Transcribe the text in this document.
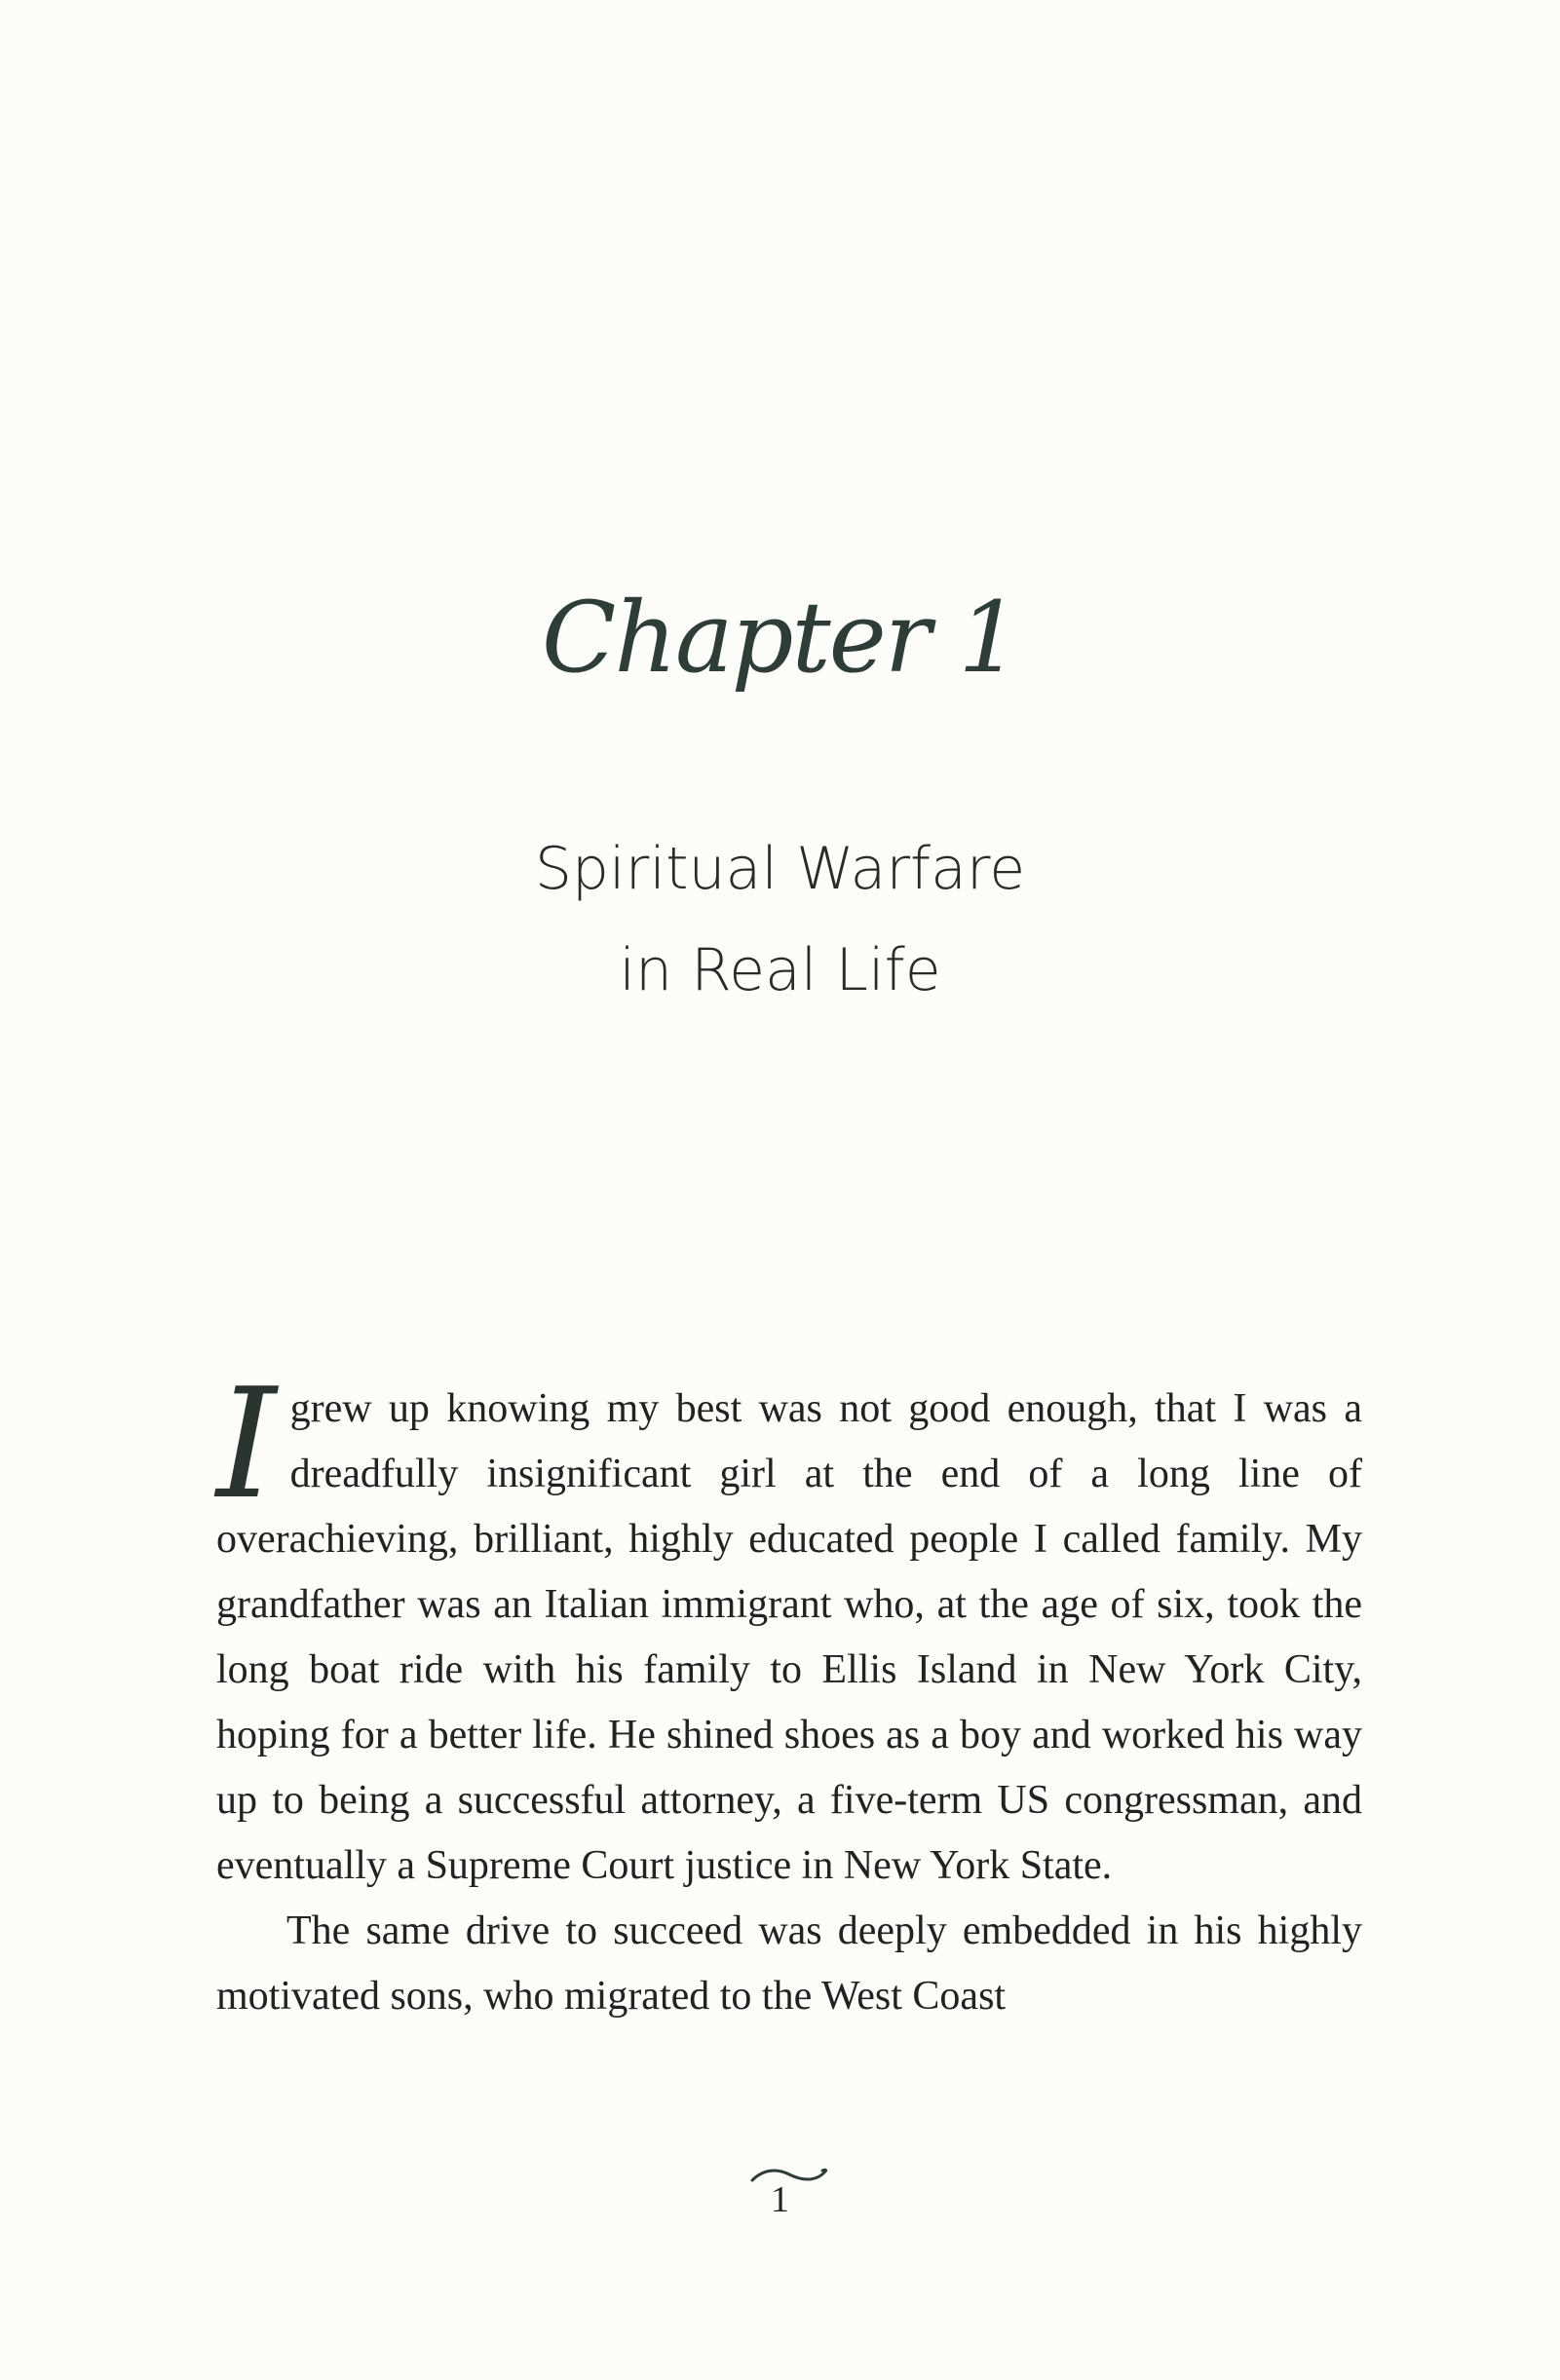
Chapter 1
Spiritual Warfare
in Real Life

Igrew up knowing my best was not good enough, that I was a dreadfully insignificant girl at the end of a long line of overachieving, brilliant, highly educated people I called family. My grandfather was an Italian immigrant who, at the age of six, took the long boat ride with his family to Ellis Island in New York City, hoping for a better life. He shined shoes as a boy and worked his way up to being a successful attorney, a five-term US congressman, and eventually a Supreme Court justice in New York State.

The same drive to succeed was deeply embedded in his highly motivated sons, who migrated to the West Coast

1
